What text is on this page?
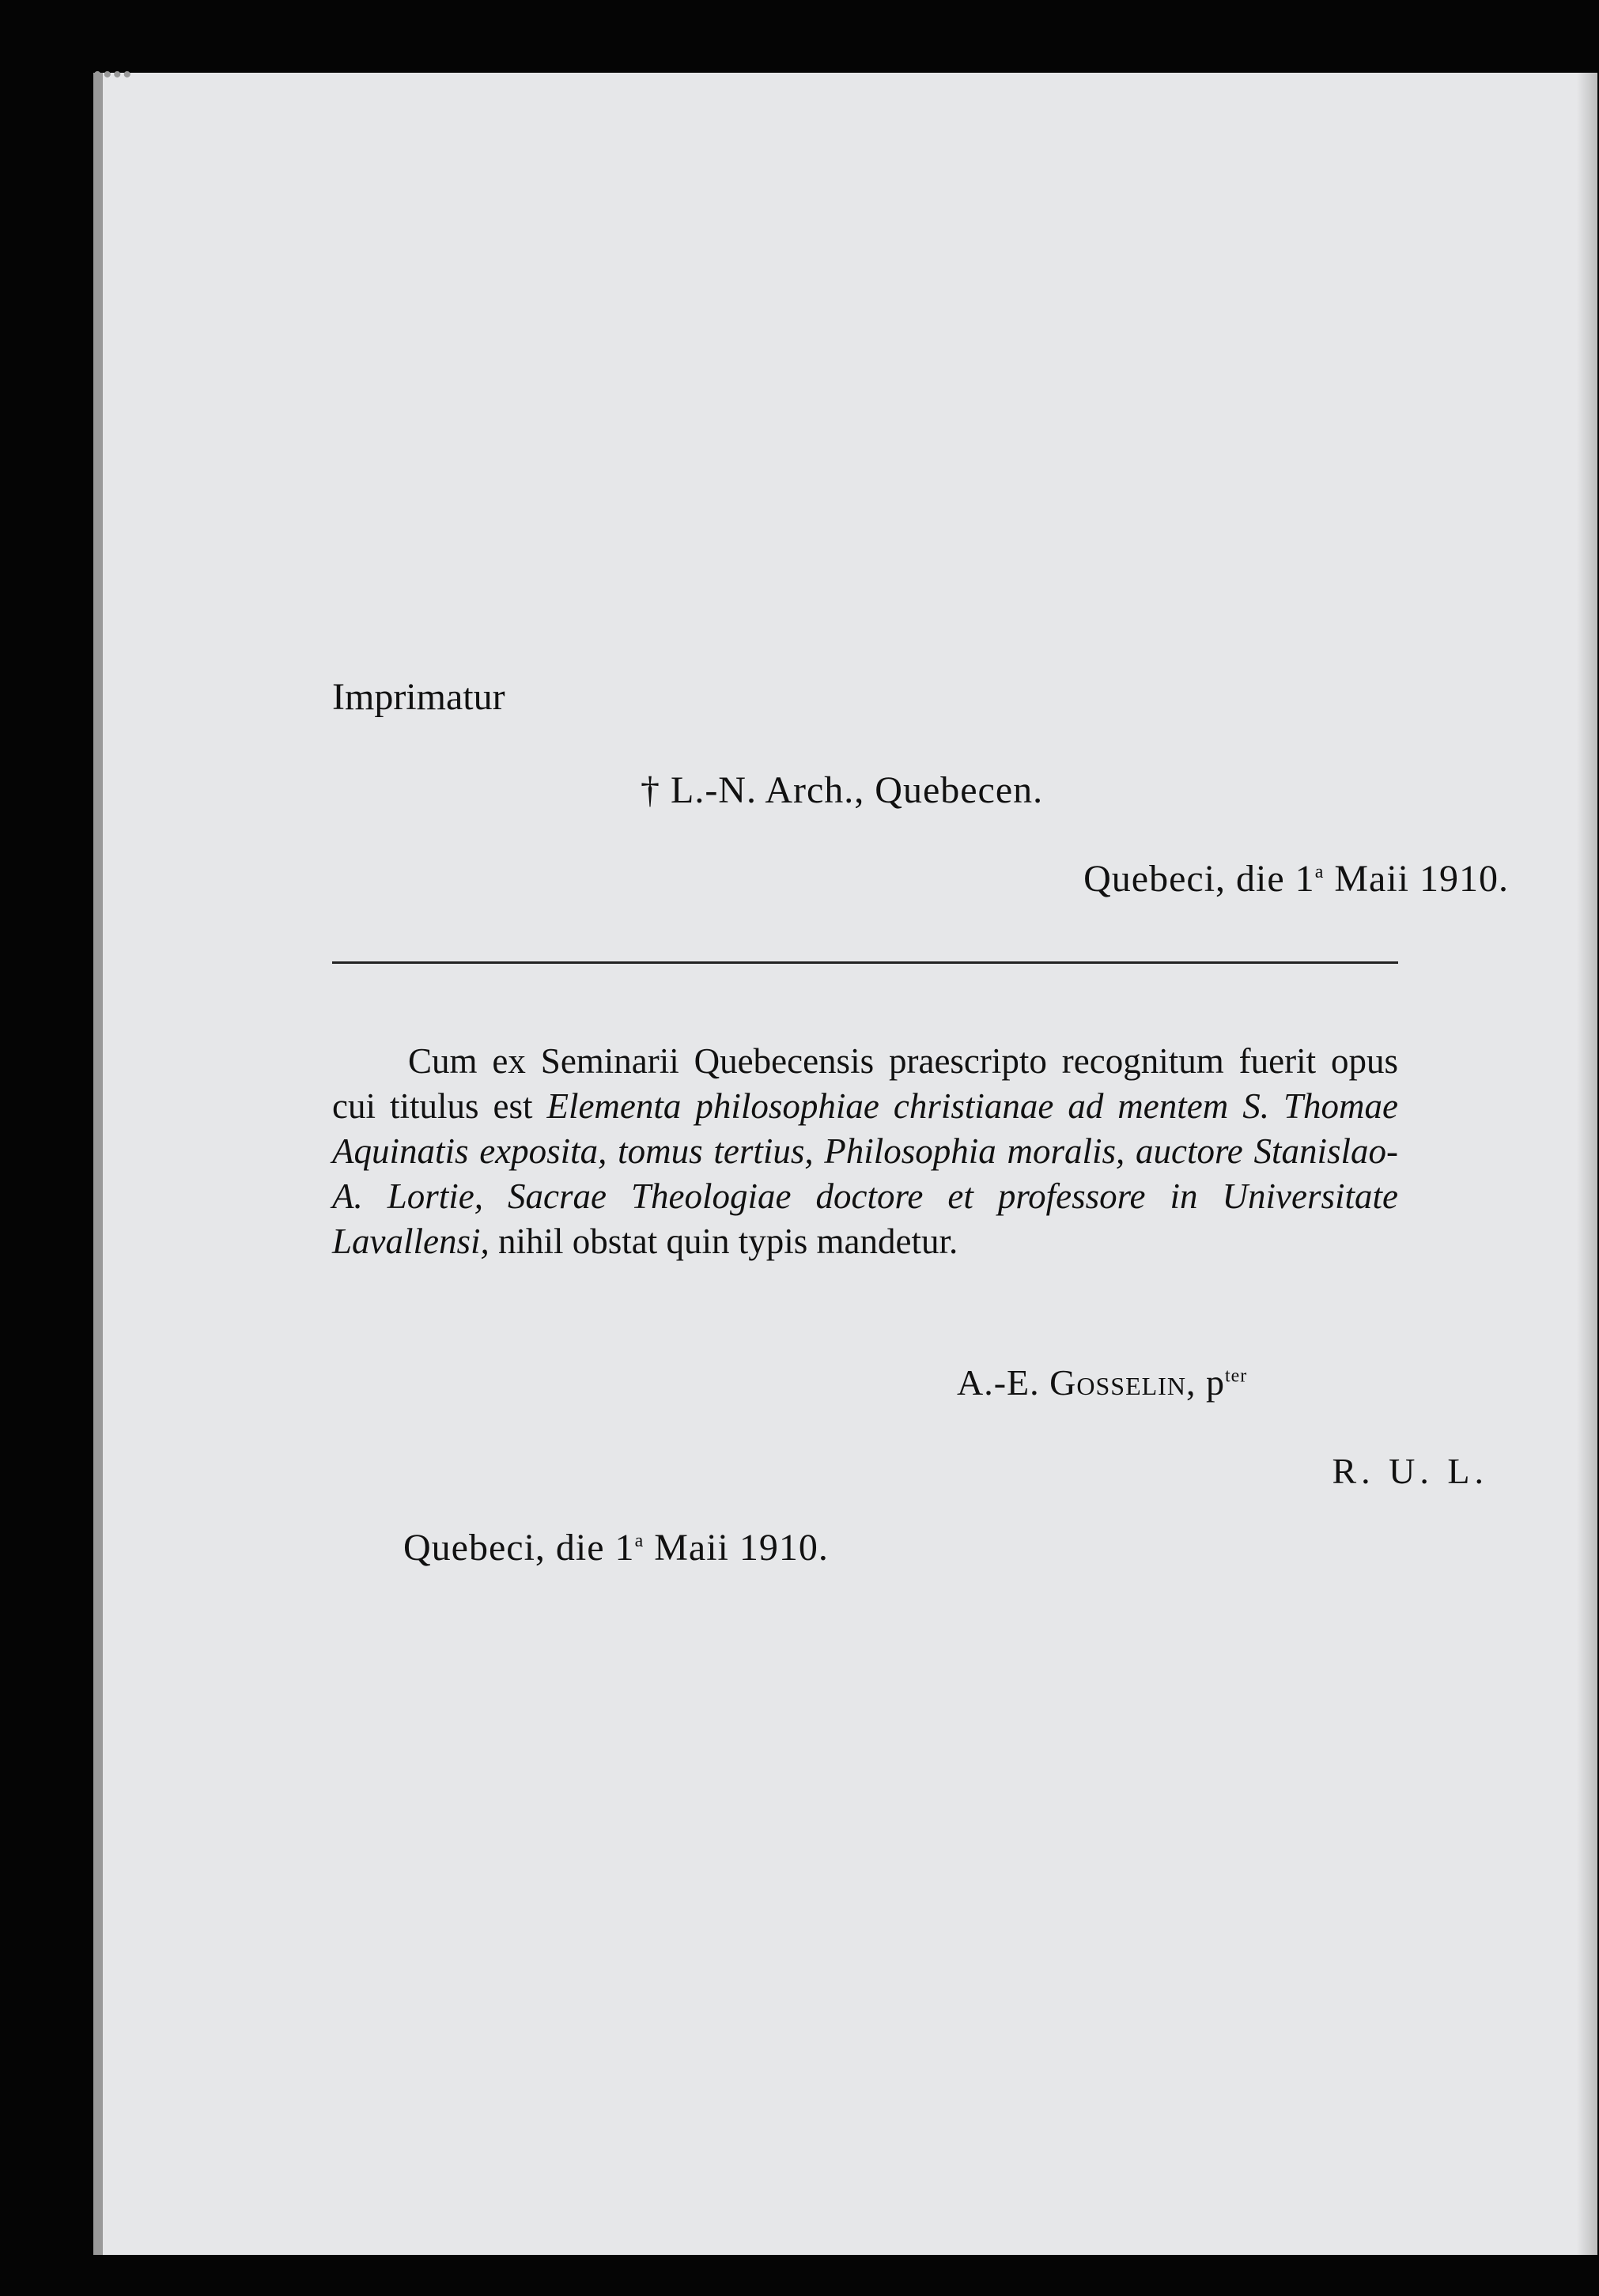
Imprimatur
† L.-N. Arch., Quebecen.
Quebeci, die 1$^a$ Maii 1910.
Cum ex Seminarii Quebecensis praescripto recognitum fuerit opus cui titulus est Elementa philosophiae christianae ad mentem S. Thomae Aquinatis exposita, tomus tertius, Philosophia moralis, auctore Stanislao-A. Lortie, Sacrae Theologiae doctore et professore in Universitate Lavallensi, nihil obstat quin typis mandetur.
A.-E. Gosselin, $p^{ter}$
R. U. L.
Quebeci, die 1$^a$ Maii 1910.
••••
